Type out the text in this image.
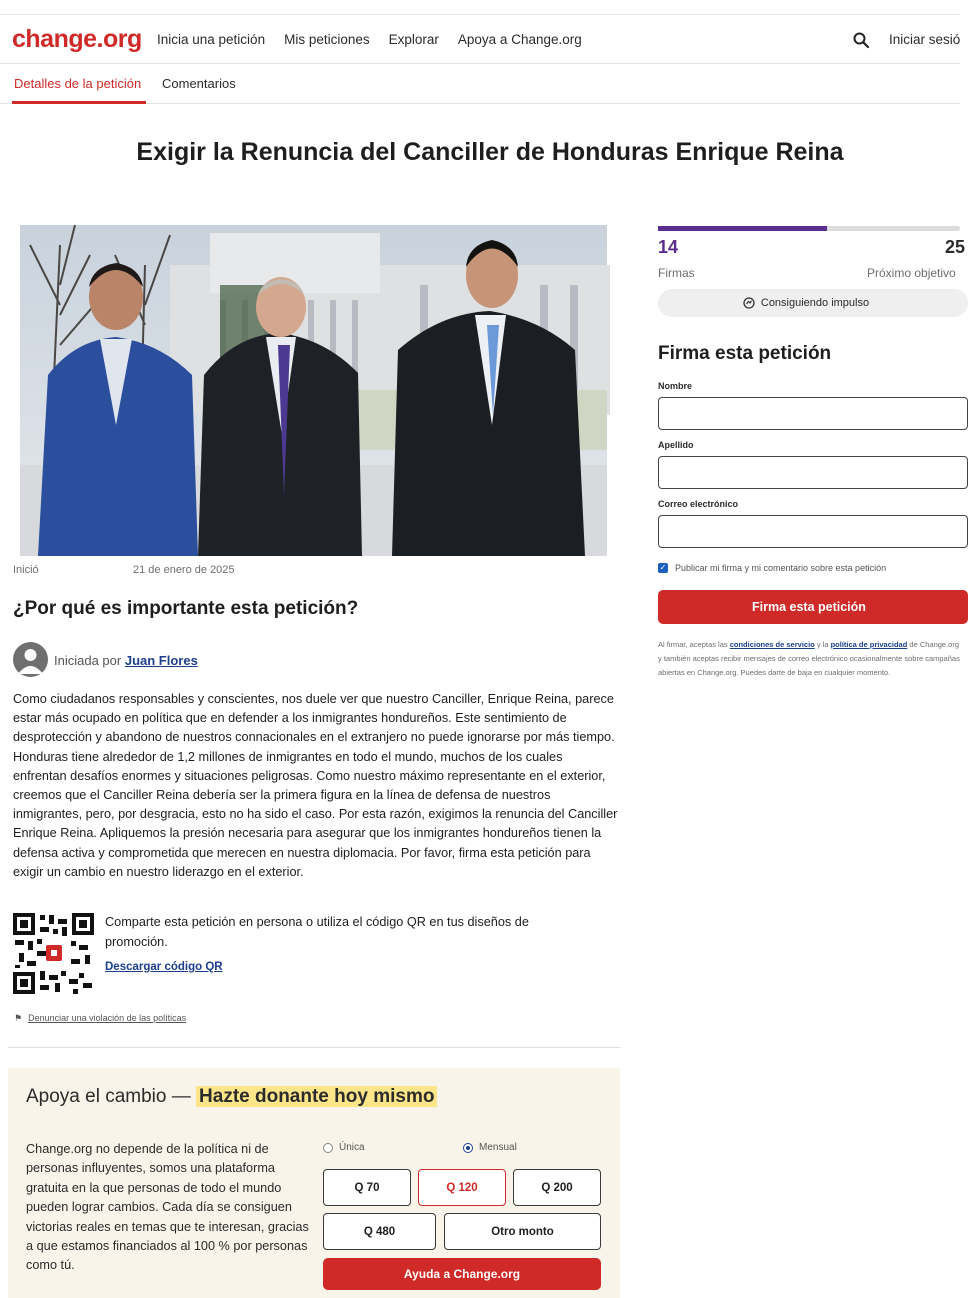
change.org Inicia una petición Mis peticiones Explorar Apoya a Change.org	Iniciar sesió
Detalles de la petición Comentarios
Exigir la Renuncia del Canciller de Honduras Enrique Reina
Inició	21 de enero de 2025
¿Por qué es importante esta petición?
Iniciada por Juan Flores

Como ciudadanos responsables y conscientes, nos duele ver que nuestro Canciller, Enrique Reina, parece estar más ocupado en política que en defender a los inmigrantes hondureños. Este sentimiento de desprotección y abandono de nuestros connacionales en el extranjero no puede ignorarse por más tiempo. Honduras tiene alrededor de 1,2 millones de inmigrantes en todo el mundo, muchos de los cuales enfrentan desafíos enormes y situaciones peligrosas. Como nuestro máximo representante en el exterior, creemos que el Canciller Reina debería ser la primera figura en la línea de defensa de nuestros inmigrantes, pero, por desgracia, esto no ha sido el caso. Por esta razón, exigimos la renuncia del Canciller Enrique Reina. Apliquemos la presión necesaria para asegurar que los inmigrantes hondureños tienen la defensa activa y comprometida que merecen en nuestra diplomacia. Por favor, firma esta petición para exigir un cambio en nuestro liderazgo en el exterior.

Comparte esta petición en persona o utiliza el código QR en tus diseños de promoción.

Descargar código QR
⚑ Denunciar una violación de las políticas
Apoya el cambio — Hazte donante hoy mismo

Change.org no depende de la política ni de personas influyentes, somos una plataforma gratuita en la que personas de todo el mundo pueden lograr cambios. Cada día se consiguen victorias reales en temas que te interesan, gracias a que estamos financiados al 100 % por personas como tú.

Única	Mensual
Q 70	Q 120	Q 200
Q 480	Otro monto
Ayuda a Change.org
14
Firmas
25
Próximo objetivo
Consiguiendo impulso
Firma esta petición
Nombre
Apellido
Correo electrónico
✓ Publicar mi firma y mi comentario sobre esta petición
Firma esta petición

Al firmar, aceptas las condiciones de servicio y la política de privacidad de Change.org y también aceptas recibir mensajes de correo electrónico ocasionalmente sobre campañas abiertas en Change.org. Puedes darte de baja en cualquier momento.
